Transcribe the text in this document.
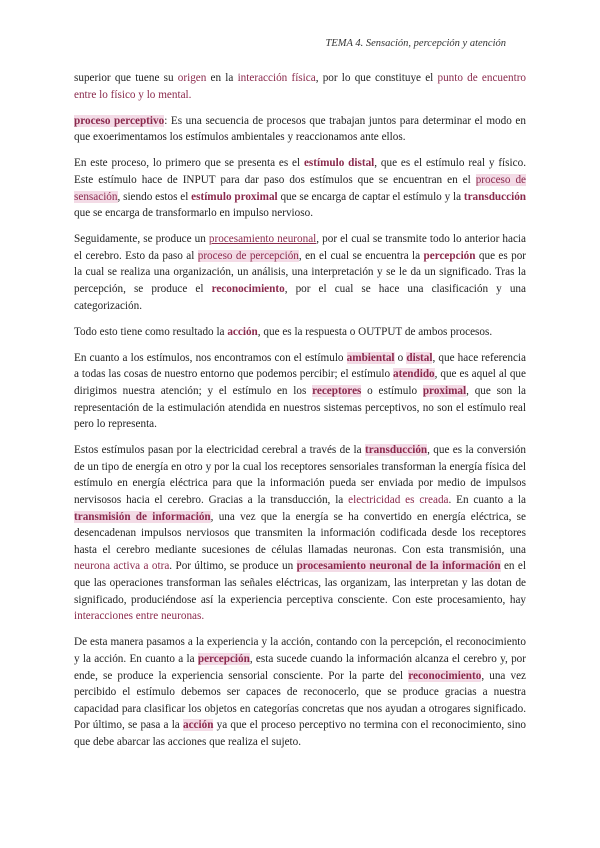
TEMA 4. Sensación, percepción y atención

superior que tuene su origen en la interacción física, por lo que constituye el punto de encuentro entre lo físico y lo mental.

proceso perceptivo: Es una secuencia de procesos que trabajan juntos para determinar el modo en que exoerimentamos los estímulos ambientales y reaccionamos ante ellos.

En este proceso, lo primero que se presenta es el estímulo distal, que es el estímulo real y físico. Este estímulo hace de INPUT para dar paso dos estímulos que se encuentran en el proceso de sensación, siendo estos el estímulo proximal que se encarga de captar el estímulo y la transducción que se encarga de transformarlo en impulso nervioso.

Seguidamente, se produce un procesamiento neuronal, por el cual se transmite todo lo anterior hacia el cerebro. Esto da paso al proceso de percepción, en el cual se encuentra la percepción que es por la cual se realiza una organización, un análisis, una interpretación y se le da un significado. Tras la percepción, se produce el reconocimiento, por el cual se hace una clasificación y una categorización.

Todo esto tiene como resultado la acción, que es la respuesta o OUTPUT de ambos procesos.

En cuanto a los estímulos, nos encontramos con el estímulo ambiental o distal, que hace referencia a todas las cosas de nuestro entorno que podemos percibir; el estímulo atendido, que es aquel al que dirigimos nuestra atención; y el estímulo en los receptores o estímulo proximal, que son la representación de la estimulación atendida en nuestros sistemas perceptivos, no son el estímulo real pero lo representa.

Estos estímulos pasan por la electricidad cerebral a través de la transducción, que es la conversión de un tipo de energía en otro y por la cual los receptores sensoriales transforman la energía física del estímulo en energía eléctrica para que la información pueda ser enviada por medio de impulsos nervisosos hacia el cerebro. Gracias a la transducción, la electricidad es creada. En cuanto a la transmisión de información, una vez que la energía se ha convertido en energía eléctrica, se desencadenan impulsos nerviosos que transmiten la información codificada desde los receptores hasta el cerebro mediante sucesiones de células llamadas neuronas. Con esta transmisión, una neurona activa a otra. Por último, se produce un procesamiento neuronal de la información en el que las operaciones transforman las señales eléctricas, las organizam, las interpretan y las dotan de significado, produciéndose así la experiencia perceptiva consciente. Con este procesamiento, hay interacciones entre neuronas.

De esta manera pasamos a la experiencia y la acción, contando con la percepción, el reconocimiento y la acción. En cuanto a la percepción, esta sucede cuando la información alcanza el cerebro y, por ende, se produce la experiencia sensorial consciente. Por la parte del reconocimiento, una vez percibido el estímulo debemos ser capaces de reconocerlo, que se produce gracias a nuestra capacidad para clasificar los objetos en categorías concretas que nos ayudan a otrogares significado. Por último, se pasa a la acción ya que el proceso perceptivo no termina con el reconocimiento, sino que debe abarcar las acciones que realiza el sujeto.
